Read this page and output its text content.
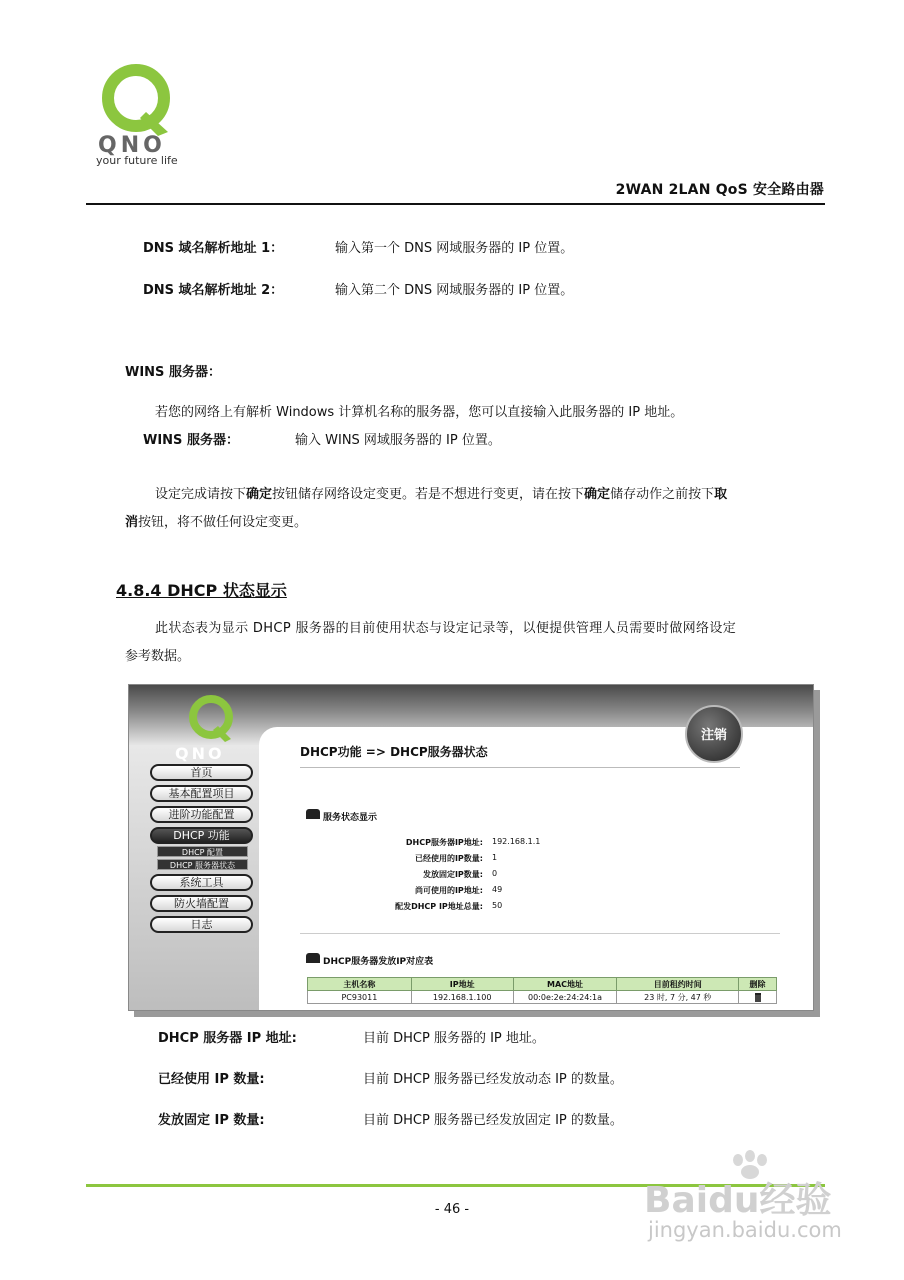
QNO
your future life
2WAN 2LAN QoS 安全路由器
DNS 域名解析地址 1：	输入第一个 DNS 网域服务器的 IP 位置。
DNS 域名解析地址 2：	输入第二个 DNS 网域服务器的 IP 位置。
WINS 服务器：
若您的网络上有解析 Windows 计算机名称的服务器，您可以直接输入此服务器的 IP 地址。
WINS 服务器：	输入 WINS 网域服务器的 IP 位置。
设定完成请按下确定按钮储存网络设定变更。若是不想进行变更，请在按下确定储存动作之前按下取
消按钮，将不做任何设定变更。
4.8.4 DHCP 状态显示
此状态表为显示 DHCP 服务器的目前使用状态与设定记录等，以便提供管理人员需要时做网络设定
参考数据。
QNO
注销
DHCP功能 => DHCP服务器状态
首页
基本配置项目
进阶功能配置
DHCP 功能
DHCP 配置
DHCP 服务器状态
系统工具
防火墙配置
日志
服务状态显示
DHCP服务器IP地址: 192.168.1.1
已经使用的IP数量: 1
发放固定IP数量: 0
尚可使用的IP地址: 49
配发DHCP IP地址总量: 50
DHCP服务器发放IP对应表
主机名称	IP地址	MAC地址	目前租约时间	删除
PC93011	192.168.1.100	00:0e:2e:24:24:1a	23 时, 7 分, 47 秒	
DHCP 服务器 IP 地址:	目前 DHCP 服务器的 IP 地址。
已经使用 IP 数量:	目前 DHCP 服务器已经发放动态 IP 的数量。
发放固定 IP 数量:	目前 DHCP 服务器已经发放固定 IP 的数量。
- 46 -	Baidu经验
jingyan.baidu.com
